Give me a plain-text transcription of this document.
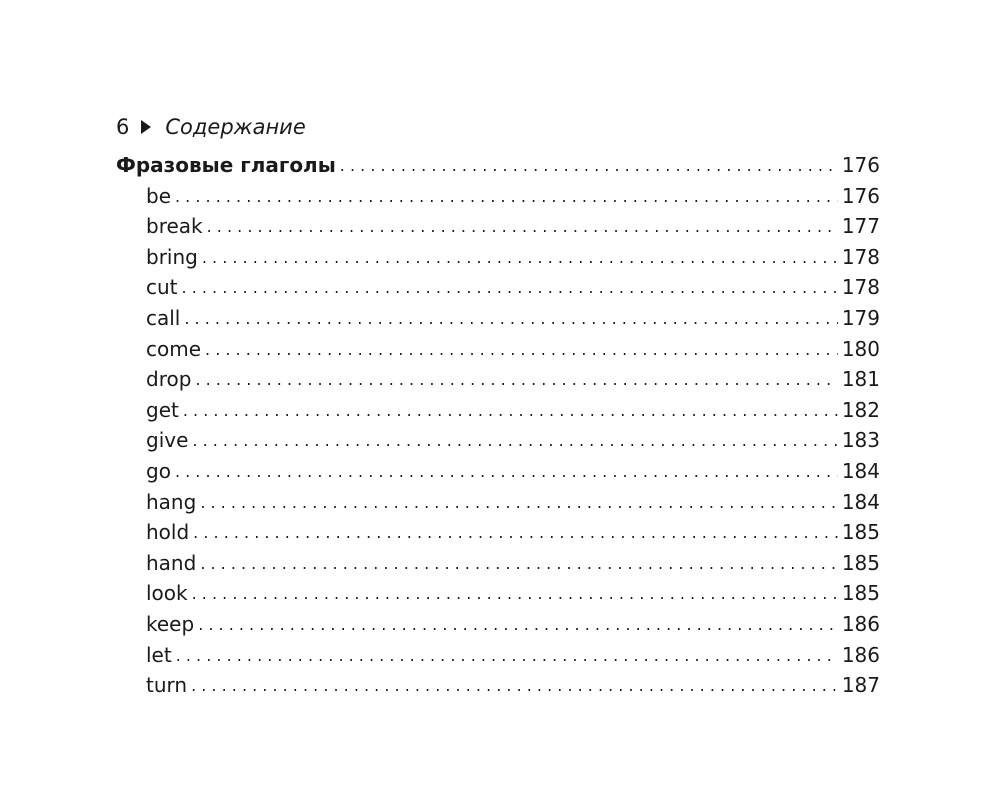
6 Содержание
Фразовые глаголы . . .	176
be . . .	176
break . . .	177
bring . . .	178
cut . . .	178
call . . .	179
come . . .	180
drop . . .	181
get . . .	182
give . . .	183
go . . .	184
hang . . .	184
hold . . .	185
hand . . .	185
look . . .	185
keep . . .	186
let . . .	186
turn . . .	187
